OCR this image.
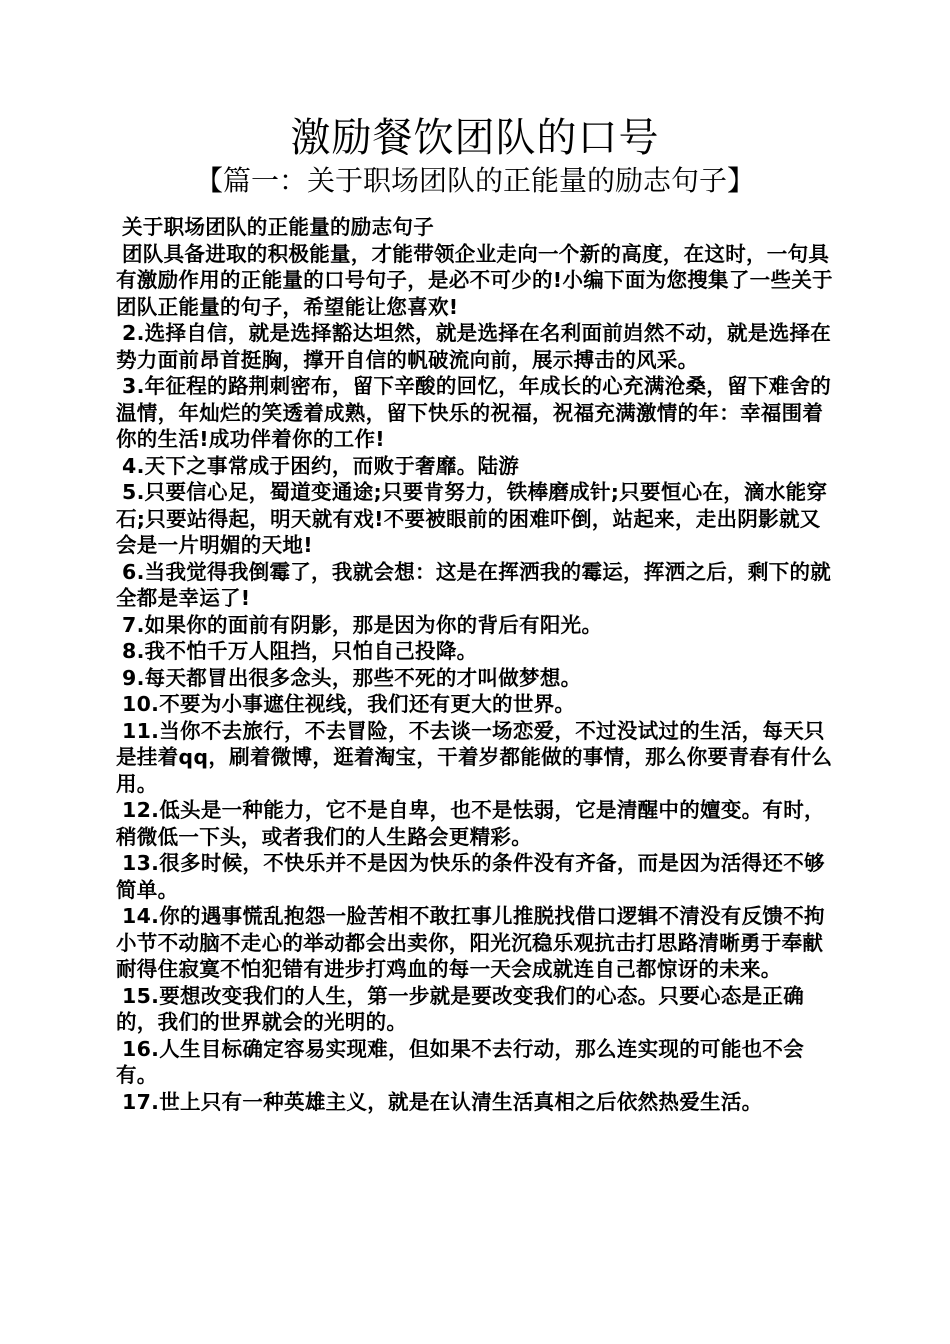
激励餐饮团队的口号
【篇一：关于职场团队的正能量的励志句子】

关于职场团队的正能量的励志句子

团队具备进取的积极能量，才能带领企业走向一个新的高度，在这时，一句具有激励作用的正能量的口号句子，是必不可少的!小编下面为您搜集了一些关于团队正能量的句子，希望能让您喜欢!

2.选择自信，就是选择豁达坦然，就是选择在名利面前岿然不动，就是选择在势力面前昂首挺胸，撑开自信的帆破流向前，展示搏击的风采。

3.年征程的路荆刺密布，留下辛酸的回忆，年成长的心充满沧桑，留下难舍的温情，年灿烂的笑透着成熟，留下快乐的祝福，祝福充满激情的年：幸福围着你的生活!成功伴着你的工作!

4.天下之事常成于困约，而败于奢靡。陆游

5.只要信心足，蜀道变通途;只要肯努力，铁棒磨成针;只要恒心在，滴水能穿石;只要站得起，明天就有戏!不要被眼前的困难吓倒，站起来，走出阴影就又会是一片明媚的天地!

6.当我觉得我倒霉了，我就会想：这是在挥洒我的霉运，挥洒之后，剩下的就全都是幸运了!

7.如果你的面前有阴影，那是因为你的背后有阳光。

8.我不怕千万人阻挡，只怕自己投降。

9.每天都冒出很多念头，那些不死的才叫做梦想。

10.不要为小事遮住视线，我们还有更大的世界。

11.当你不去旅行，不去冒险，不去谈一场恋爱，不过没试过的生活，每天只是挂着qq，刷着微博，逛着淘宝，干着岁都能做的事情，那么你要青春有什么用。

12.低头是一种能力，它不是自卑，也不是怯弱，它是清醒中的嬗变。有时，稍微低一下头，或者我们的人生路会更精彩。

13.很多时候，不快乐并不是因为快乐的条件没有齐备，而是因为活得还不够简单。

14.你的遇事慌乱抱怨一脸苦相不敢扛事儿推脱找借口逻辑不清没有反馈不拘小节不动脑不走心的举动都会出卖你，阳光沉稳乐观抗击打思路清晰勇于奉献耐得住寂寞不怕犯错有进步打鸡血的每一天会成就连自己都惊讶的未来。

15.要想改变我们的人生，第一步就是要改变我们的心态。只要心态是正确的，我们的世界就会的光明的。

16.人生目标确定容易实现难，但如果不去行动，那么连实现的可能也不会有。

17.世上只有一种英雄主义，就是在认清生活真相之后依然热爱生活。
